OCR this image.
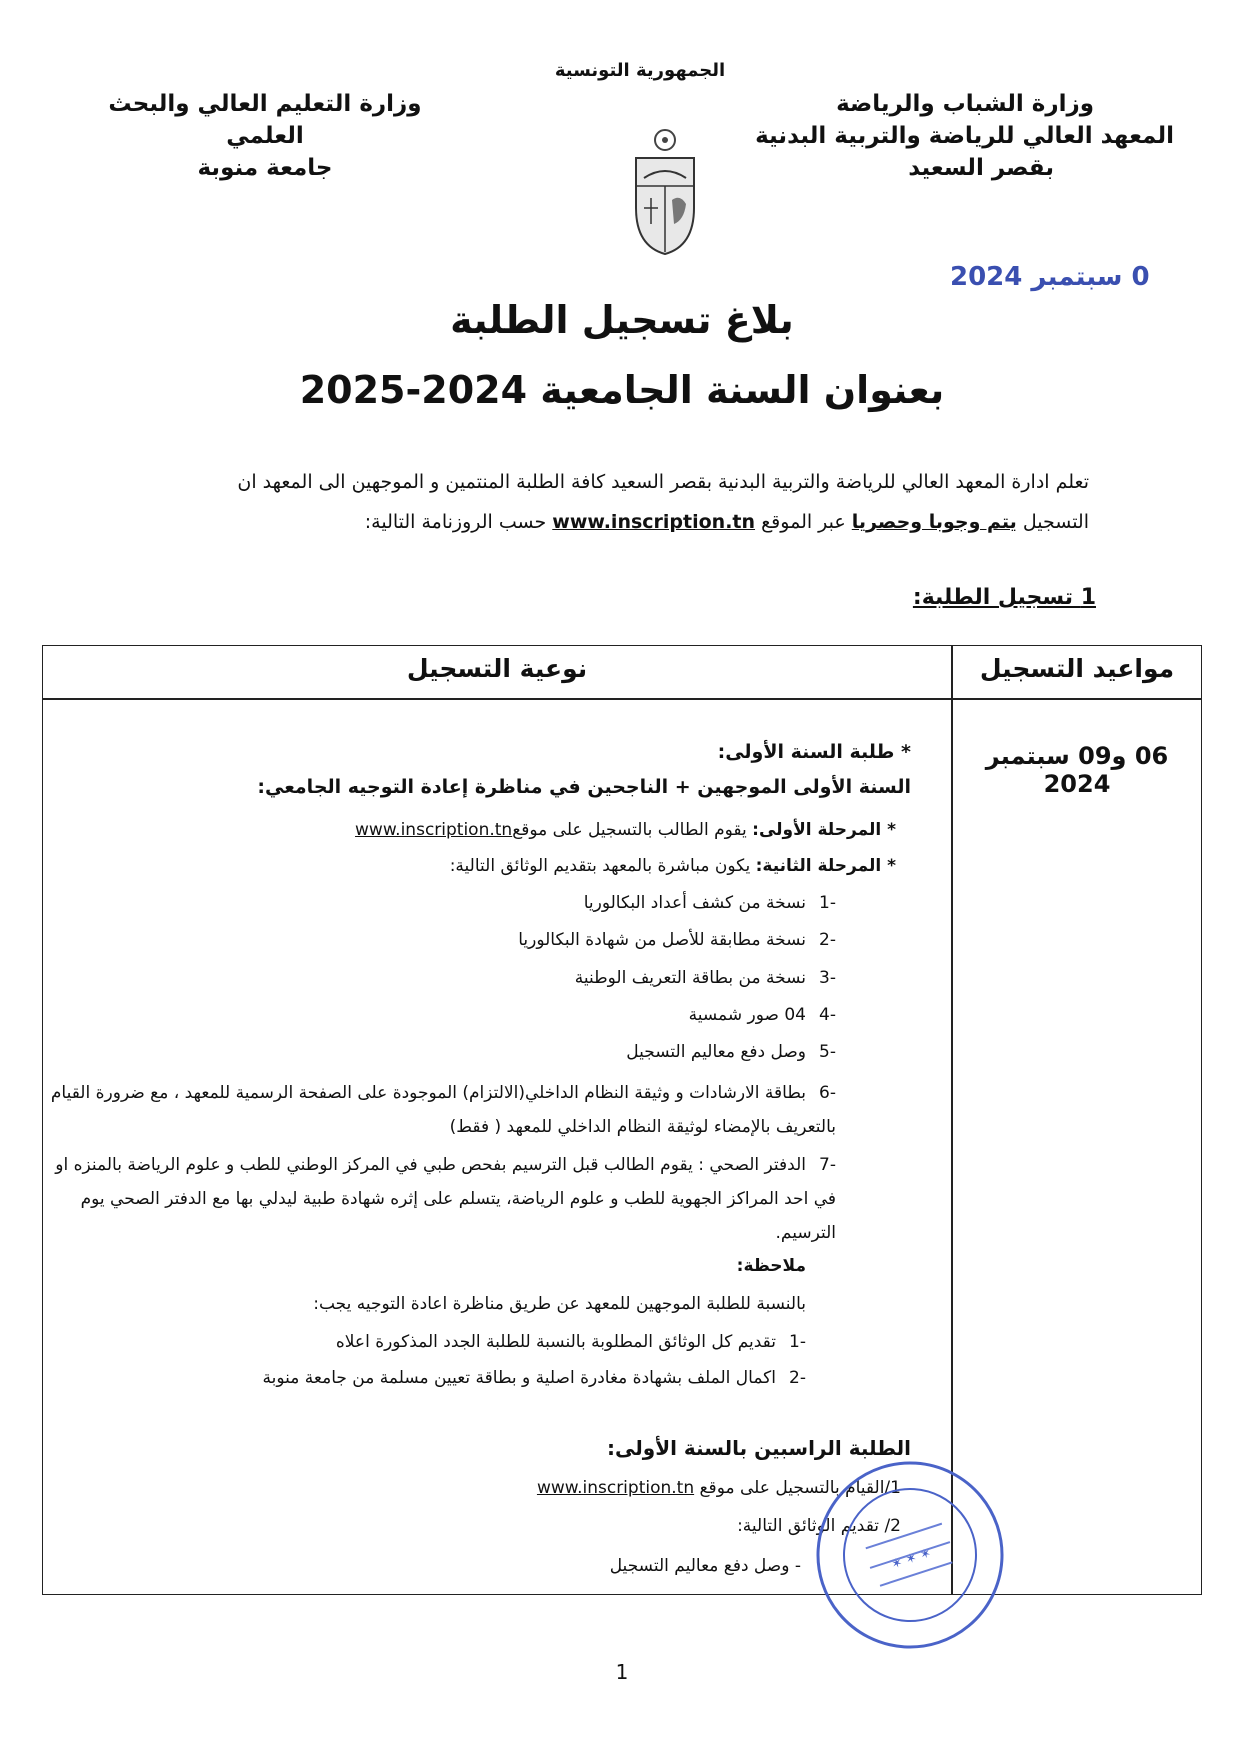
وزارة الشباب والرياضة
المعهد العالي للرياضة والتربية البدنية
بقصر السعيد
الجمهورية التونسية
وزارة التعليم العالي والبحث العلمي
جامعة منوبة
0 سبتمبر 2024
بلاغ تسجيل الطلبة
بعنوان السنة الجامعية 2024-2025
تعلم ادارة المعهد العالي للرياضة والتربية البدنية بقصر السعيد كافة الطلبة المنتمين و الموجهين الى المعهد ان
التسجيل يتم وجوبا وحصريا عبر الموقع www.inscription.tn حسب الروزنامة التالية:
1 تسجيل الطلبة:
مواعيد التسجيل
نوعية التسجيل
06 و09 سبتمبر 2024
* طلبة السنة الأولى:
السنة الأولى الموجهين + الناجحين في مناظرة إعادة التوجيه الجامعي:
* المرحلة الأولى: يقوم الطالب بالتسجيل على موقعwww.inscription.tn
* المرحلة الثانية: يكون مباشرة بالمعهد بتقديم الوثائق التالية:
-1نسخة من كشف أعداد البكالوريا
-2نسخة مطابقة للأصل من شهادة البكالوريا
-3نسخة من بطاقة التعريف الوطنية
-404 صور شمسية
-5وصل دفع معاليم التسجيل
-6بطاقة الارشادات و وثيقة النظام الداخلي(الالتزام) الموجودة على الصفحة الرسمية للمعهد ، مع ضرورة القيام بالتعريف بالإمضاء لوثيقة النظام الداخلي للمعهد ( فقط)
-7الدفتر الصحي : يقوم الطالب قبل الترسيم بفحص طبي في المركز الوطني للطب و علوم الرياضة بالمنزه او في احد المراكز الجهوية للطب و علوم الرياضة، يتسلم على إثره شهادة طبية ليدلي بها مع الدفتر الصحي يوم الترسيم.
ملاحظة:
بالنسبة للطلبة الموجهين للمعهد عن طريق مناظرة اعادة التوجيه يجب:
-1تقديم كل الوثائق المطلوبة بالنسبة للطلبة الجدد المذكورة اعلاه
-2اكمال الملف بشهادة مغادرة اصلية و بطاقة تعيين مسلمة من جامعة منوبة
الطلبة الراسبين بالسنة الأولى:
1/القيام بالتسجيل على موقع www.inscription.tn
2/ تقديم الوثائق التالية:
- وصل دفع معاليم التسجيل	✶ ✶ ✶
1
